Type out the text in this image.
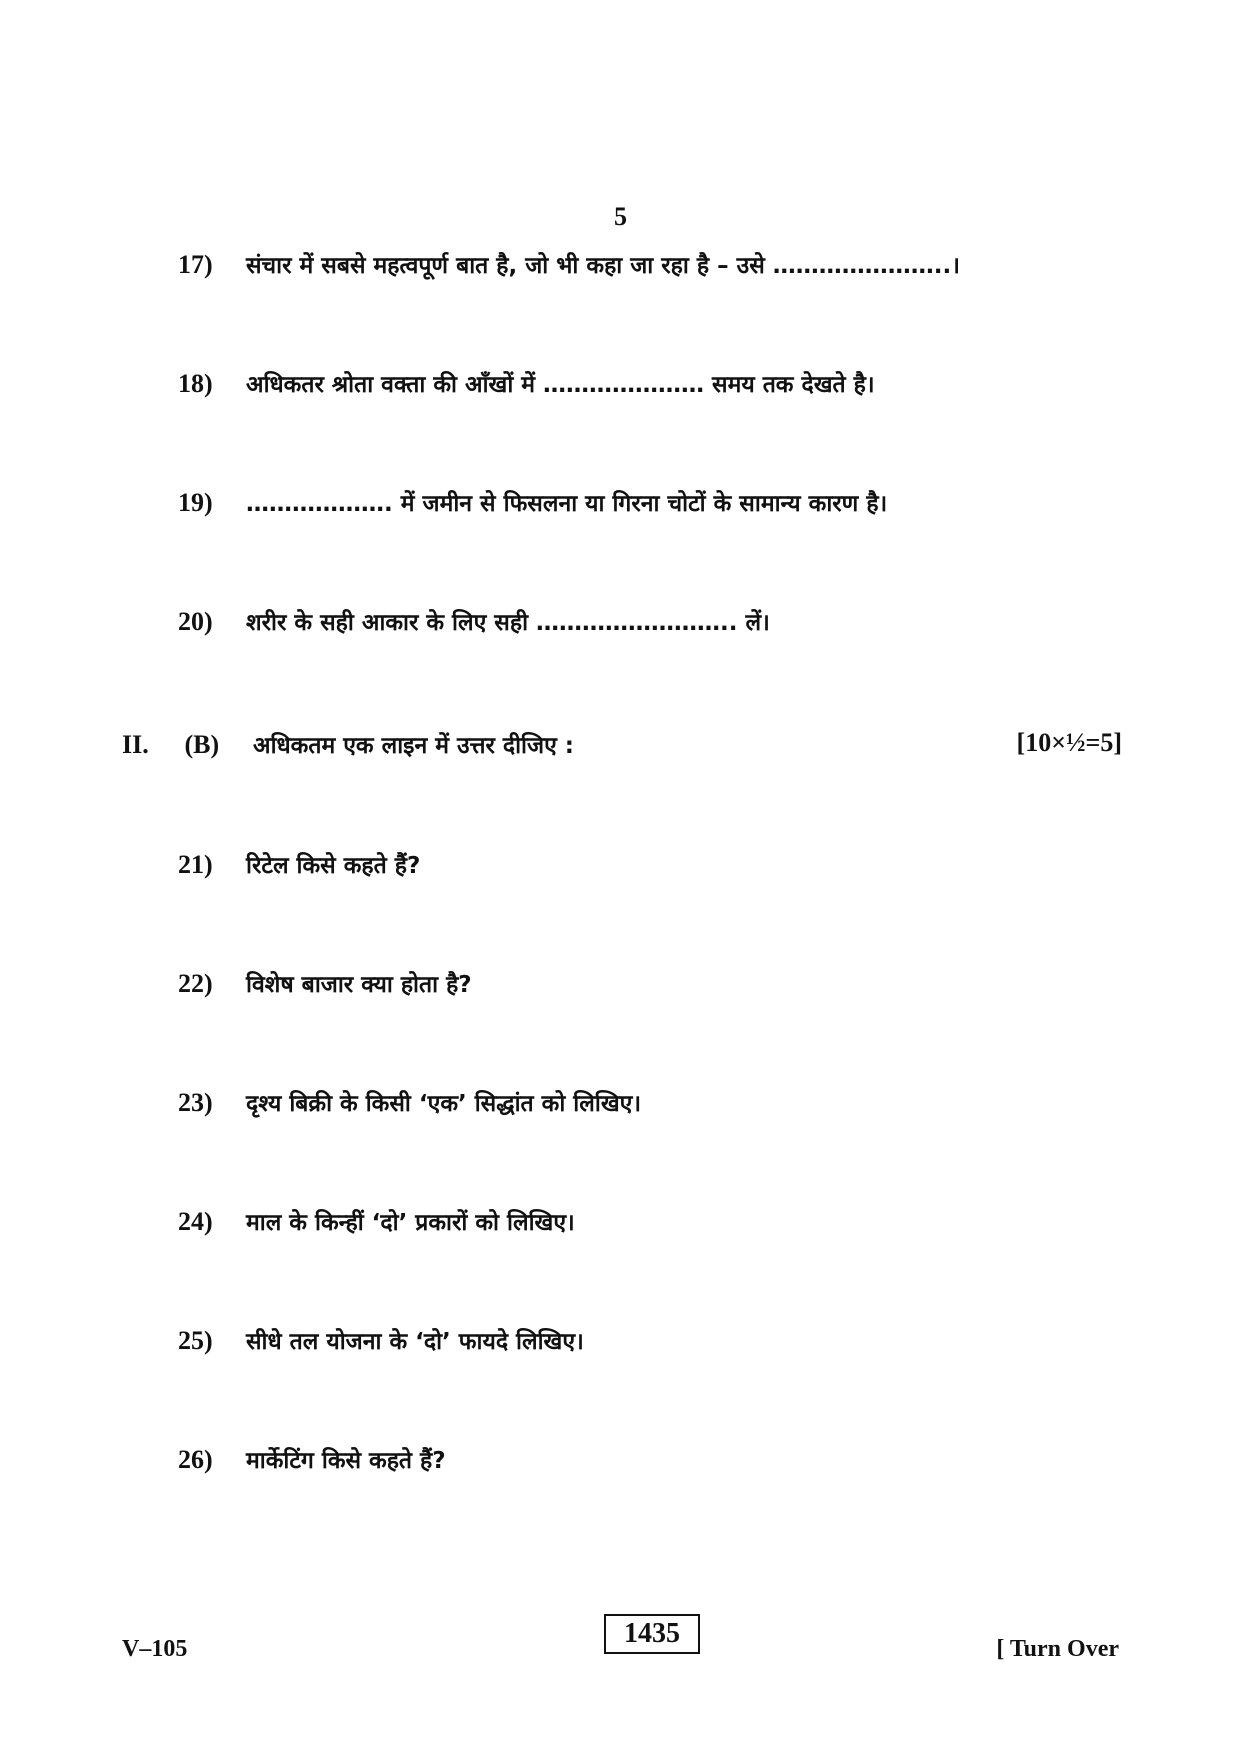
5
17) संचार में सबसे महत्वपूर्ण बात है, जो भी कहा जा रहा है – उसे …………………..।
18) अधिकतर श्रोता वक्ता की आँखों में ………………… समय तक देखते है।
19) ………………. में जमीन से फिसलना या गिरना चोटों के सामान्य कारण है।
20) शरीर के सही आकार के लिए सही …………………….. लें।
II. (B) अधिकतम एक लाइन में उत्तर दीजिए :	[10×½=5]
21) रिटेल किसे कहते हैं?
22) विशेष बाजार क्या होता है?
23) दृश्य बिक्री के किसी ‘एक’ सिद्धांत को लिखिए।
24) माल के किन्हीं ‘दो’ प्रकारों को लिखिए।
25) सीधे तल योजना के ‘दो’ फायदे लिखिए।
26) मार्केटिंग किसे कहते हैं?
V–105	1435	[ Turn Over
